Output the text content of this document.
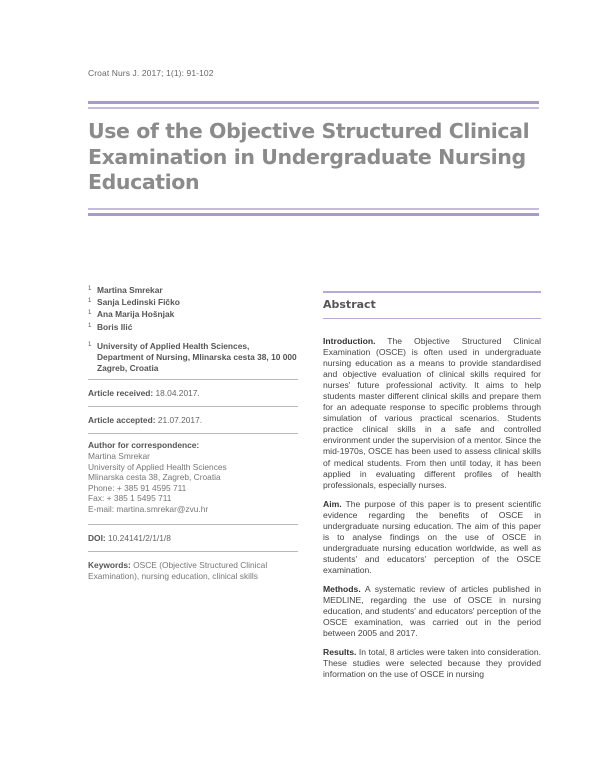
Croat Nurs J. 2017; 1(1): 91-102
Use of the Objective Structured Clinical Examination in Undergraduate Nursing Education
1 Martina Smrekar
1 Sanja Ledinski Fičko
1 Ana Marija Hošnjak
1 Boris Ilić
1 University of Applied Health Sciences, Department of Nursing, Mlinarska cesta 38, 10 000 Zagreb, Croatia
Article received: 18.04.2017.
Article accepted: 21.07.2017.
Author for correspondence:
Martina Smrekar
University of Applied Health Sciences
Mlinarska cesta 38, Zagreb, Croatia
Phone: + 385 91 4595 711
Fax: + 385 1 5495 711
E-mail: martina.smrekar@zvu.hr
DOI: 10.24141/2/1/1/8
Keywords: OSCE (Objective Structured Clinical Examination), nursing education, clinical skills
Abstract

Introduction. The Objective Structured Clinical Examination (OSCE) is often used in undergraduate nursing education as a means to provide standardised and objective evaluation of clinical skills required for nurses' future professional activity. It aims to help students master different clinical skills and prepare them for an adequate response to specific problems through simulation of various practical scenarios. Students practice clinical skills in a safe and controlled environment under the supervision of a mentor. Since the mid-1970s, OSCE has been used to assess clinical skills of medical students. From then until today, it has been applied in evaluating different profiles of health professionals, especially nurses.

Aim. The purpose of this paper is to present scientific evidence regarding the benefits of OSCE in undergraduate nursing education. The aim of this paper is to analyse findings on the use of OSCE in undergraduate nursing education worldwide, as well as students' and educators' perception of the OSCE examination.

Methods. A systematic review of articles published in MEDLINE, regarding the use of OSCE in nursing education, and students' and educators' perception of the OSCE examination, was carried out in the period between 2005 and 2017.

Results. In total, 8 articles were taken into consideration. These studies were selected because they provided information on the use of OSCE in nursing
